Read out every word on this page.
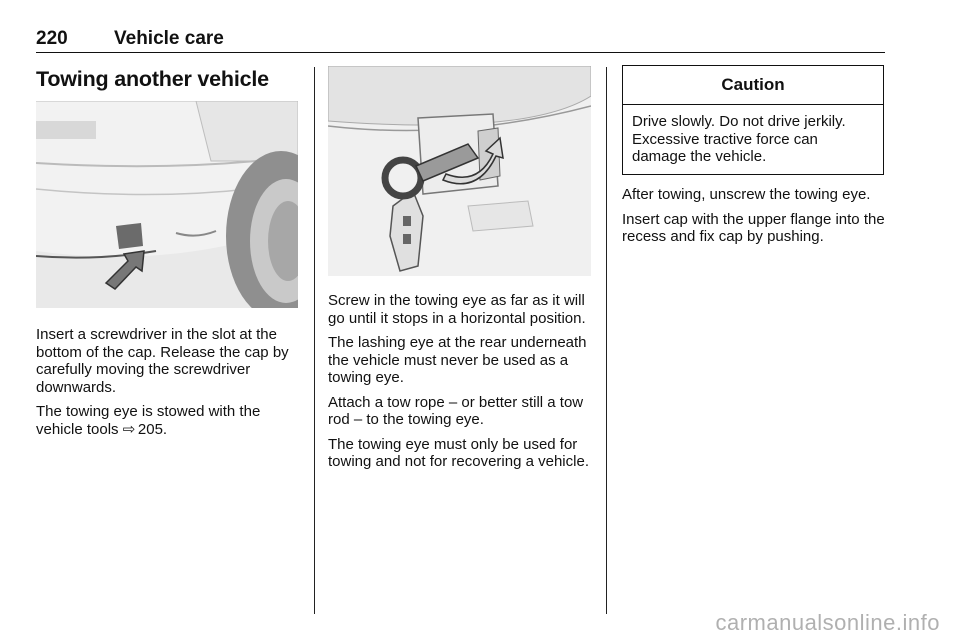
220 Vehicle care
Towing another vehicle

Insert a screwdriver in the slot at the bottom of the cap. Release the cap by carefully moving the screwdriver downwards.

The towing eye is stowed with the vehicle tools ⇨ 205.

Screw in the towing eye as far as it will go until it stops in a horizontal position.

The lashing eye at the rear underneath the vehicle must never be used as a towing eye.

Attach a tow rope – or better still a tow rod – to the towing eye.

The towing eye must only be used for towing and not for recovering a vehicle.

Caution
Drive slowly. Do not drive jerkily. Excessive tractive force can damage the vehicle.

After towing, unscrew the towing eye.

Insert cap with the upper flange into the recess and fix cap by pushing.

carmanualsonline.info
